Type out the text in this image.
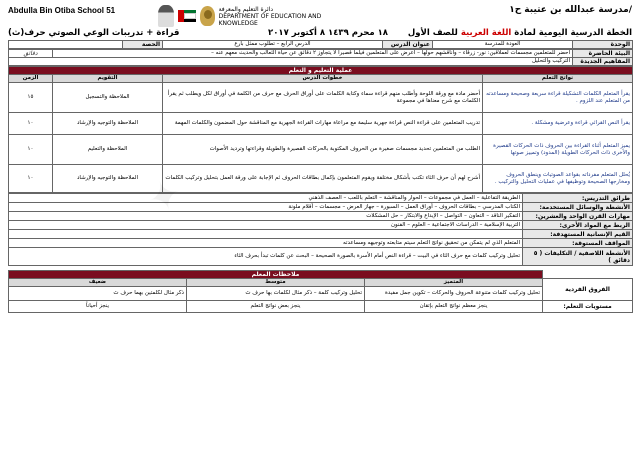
✦
Abdulla Bin Otiba School 51	دائرة التعليم والمعرفة
DEPARTMENT OF EDUCATION AND KNOWLEDGE
مدرسة عبدالله بن عتيبة ح١/
الخطة الدرسية اليومية لمادة اللغة العربية للصف الأول
١٨ محرم ١٤٣٩ ٨ أكتوبر ٢٠١٧
قراءة + تدريبات الوعي الصوتي حرف(ث)
الوحدة	العودة للمدرسة	عنوان الدرس	الدرس الرابع – تطلوب ممثل بارع	الحصة	
البيئة الحاضرة	أحضر للمتعلمين مجسمات لعملاقين: نور- زرقاء – واناقشهم حولها – أعرض على المتعلمين فيلما قصيرا لا يتجاوز ٢ دقائق عن حياة الثعالب والحديث معهم عنه –	دقائق
المفاهيم الجديدة	التركيب والتحليل	
عملية التعليم و التعلم			
نواتج التعلم	خطوات الدرس	التقويم	الزمن
يقرأ المتعلم الكلمات التشكيلة قراءة سريعة وصحيحة ومساعدته من المتعلم عند اللزوم .	أحضر مادة مع ورقة اللوحة وأطلب منهم قراءة سماء وكتابة الكلمات على أوراق الحرف مع حرف من الكلمة في أوراق لكل ويطلب ثم يقرأ الكلمات مع شرح معناها في مجموعة	الملاحظة والتسجيل	١٥
يقرأ النص القرائي قراءة وعرضية ومشكلة .	تدريب المتعلمين على قراءة النص قراءة جهرية سليمة مع مراعاة مهارات القراءة الجهرية مع المناقشة حول المضمون والكلمات المهمة	الملاحظة والتوجيه والإرشاد	١٠
يميز المتعلم أثناء القراءة بين الحروف ذات الحركات القصيرة والأخرى ذات الحركات الطويلة (المدود) وتمييز صوتها	الطلب من المتعلمين تحديد مجسمات صغيرة من الحروف المكتوبة بالحركات القصيرة والطويلة وقراءتها وترديد الأصوات	الملاحظة والتعليم	١٠
يُحلل المتعلم مفرداته بقواعد الصوتيات وينطق الحروف ومخارجها الصحيحة وتوظيفها في عمليات التحليل والتركيب .	أشرح لهم أن حرف الثاء تكتب بأشكال مختلفة ويقوم المتعلمون بإكمال بطاقات الحروف ثم الإجابة على ورقة العمل بتحليل وتركيب الكلمات	الملاحظة والتوجيه والإرشاد	١٠
طرائق التدريس:	الطريقة التفاعلية – العمل في مجموعات – الحوار والمناقشة – التعلم باللعب – العصف الذهني
الأنشطة والوسائل المستخدمة:	الكتاب المدرسي – بطاقات الحروف – أوراق العمل – السبورة – جهاز العرض – مجسمات – أقلام ملونة
مهارات القرن الواحد والعشرين:	التفكير الناقد – التعاون – التواصل – الإبداع والابتكار – حل المشكلات
الربط مع المواد الأخرى:	التربية الإسلامية – الدراسات الاجتماعية – العلوم – الفنون
القيم الإنسانية المستهدفة:	
المواقف المستوقة:	المتعلم الذي لم يتمكن من تحقيق نواتج التعلم سيتم متابعته وتوجيهه ومساعدته
الأنشطة اللاصفية / التكليفات ( ٥ دقائق )	تحليل وتركيب كلمات مع حرف الثاء في البيت – قراءة النص أمام الأسرة بالصورة الصحيحة – البحث عن كلمات تبدأ بحرف الثاء
	ملاحظات المعلم		
الفروق الفردية	المتميز	متوسط	ضعيف
	تحليل وتركيب كلمات متنوعة الحروف والحركات – تكوين جمل مفيدة	تحليل وتركيب كلمة – ذكر مثال لكلمات بها حرف ث	ذكر مثال لكلمتين بهما حرف ث
مستويات التعلم:	ينجز معظم نواتج التعلم بإتقان	ينجز بعض نواتج التعلم	ينجز أحياناً
